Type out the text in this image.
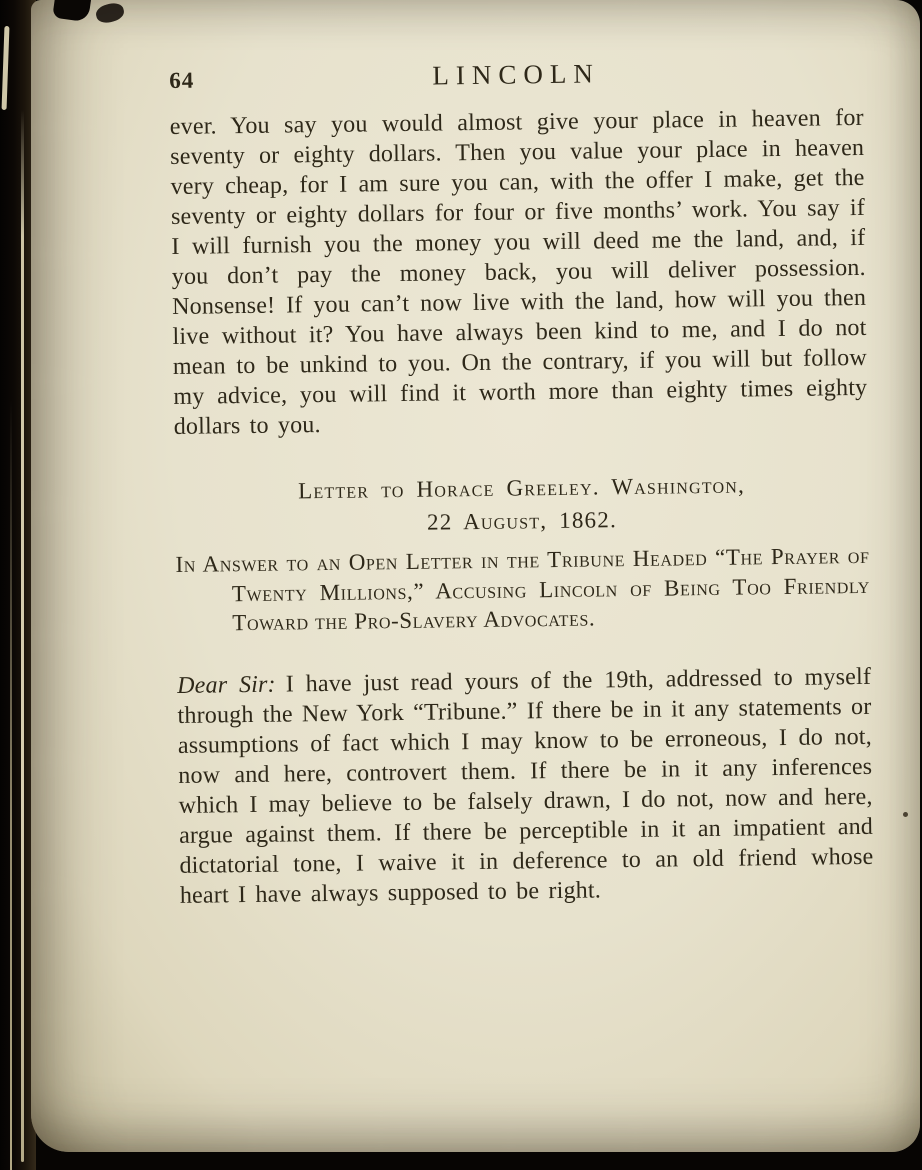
64	LINCOLN

ever. You say you would almost give your place in heaven for seventy or eighty dollars. Then you value your place in heaven very cheap, for I am sure you can, with the offer I make, get the seventy or eighty dollars for four or five months’ work. You say if I will furnish you the money you will deed me the land, and, if you don’t pay the money back, you will deliver possession. Nonsense! If you can’t now live with the land, how will you then live without it? You have always been kind to me, and I do not mean to be unkind to you. On the contrary, if you will but follow my advice, you will find it worth more than eighty times eighty dollars to you.

Letter to Horace Greeley. Washington,
22 August, 1862.

In Answer to an Open Letter in the Tribune Headed “The Prayer of Twenty Millions,” Accusing Lincoln of Being Too Friendly Toward the Pro-Slavery Advocates.

Dear Sir: I have just read yours of the 19th, addressed to myself through the New York “Tribune.” If there be in it any statements or assumptions of fact which I may know to be erroneous, I do not, now and here, controvert them. If there be in it any inferences which I may believe to be falsely drawn, I do not, now and here, argue against them. If there be perceptible in it an impatient and dictatorial tone, I waive it in deference to an old friend whose heart I have always supposed to be right.
